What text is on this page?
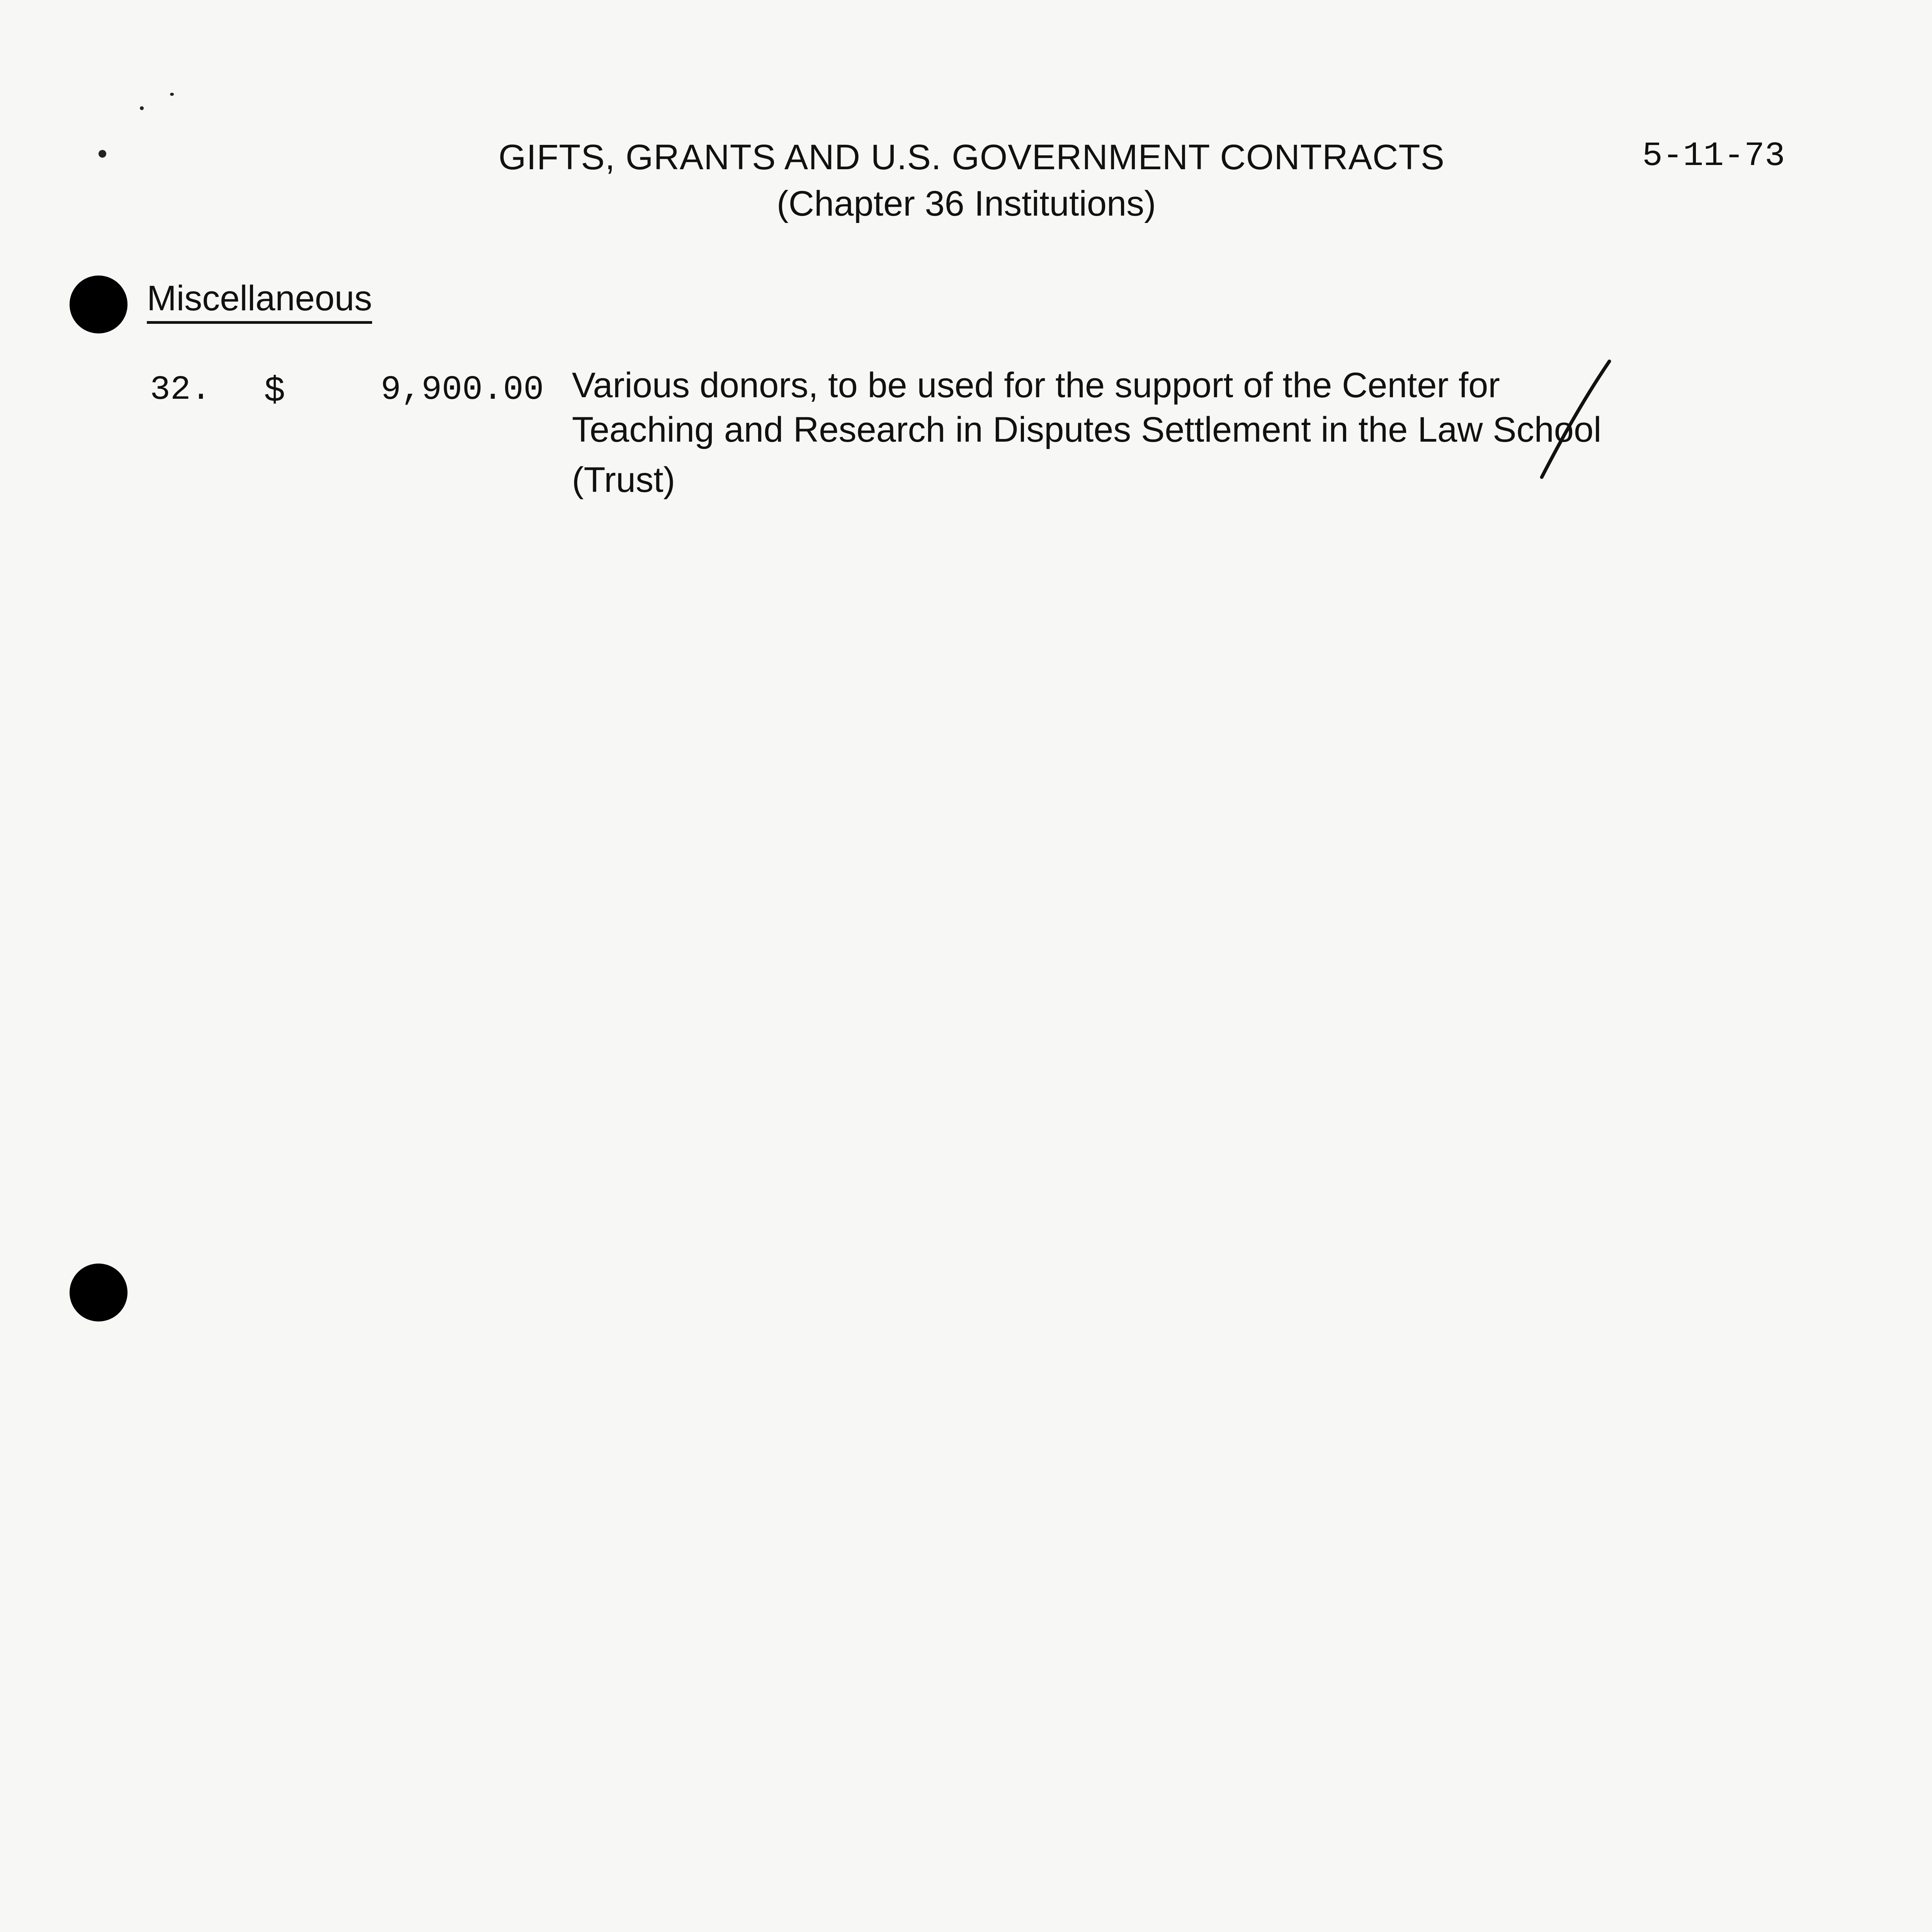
GIFTS, GRANTS AND U.S. GOVERNMENT CONTRACTS
(Chapter 36 Institutions)
5-11-73
Miscellaneous
32. $	9,900.00 Various donors, to be used for the support of the Center for
Teaching and Research in Disputes Settlement in the Law School
(Trust)
